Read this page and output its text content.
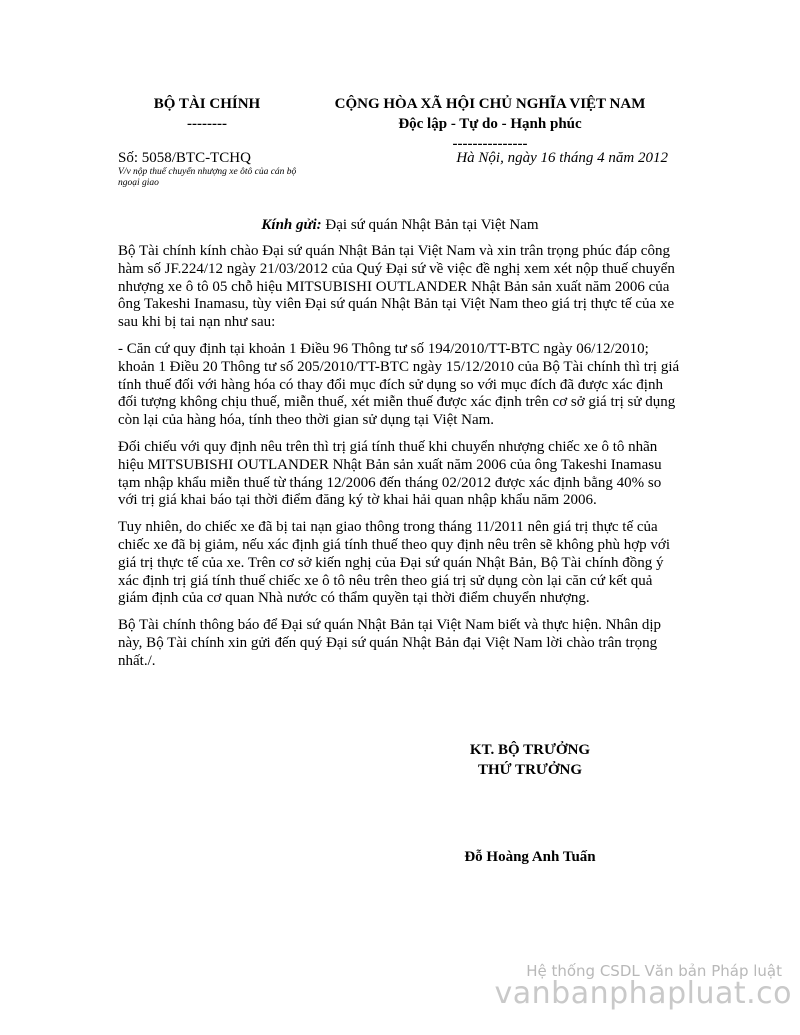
BỘ TÀI CHÍNH
--------
CỘNG HÒA XÃ HỘI CHỦ NGHĨA VIỆT NAM
Độc lập - Tự do - Hạnh phúc
---------------
Số: 5058/BTC-TCHQ	Hà Nội, ngày 16 tháng 4 năm 2012
V/v nộp thuế chuyển nhượng xe ôtô của cán bộ ngoại giao
Kính gửi: Đại sứ quán Nhật Bản tại Việt Nam

Bộ Tài chính kính chào Đại sứ quán Nhật Bản tại Việt Nam và xin trân trọng phúc đáp công hàm số JF.224/12 ngày 21/03/2012 của Quý Đại sứ về việc đề nghị xem xét nộp thuế chuyển nhượng xe ô tô 05 chỗ hiệu MITSUBISHI OUTLANDER Nhật Bản sản xuất năm 2006 của ông Takeshi Inamasu, tùy viên Đại sứ quán Nhật Bản tại Việt Nam theo giá trị thực tế của xe sau khi bị tai nạn như sau:

- Căn cứ quy định tại khoản 1 Điều 96 Thông tư số 194/2010/TT-BTC ngày 06/12/2010; khoản 1 Điều 20 Thông tư số 205/2010/TT-BTC ngày 15/12/2010 của Bộ Tài chính thì trị giá tính thuế đối với hàng hóa có thay đổi mục đích sử dụng so với mục đích đã được xác định đối tượng không chịu thuế, miễn thuế, xét miễn thuế được xác định trên cơ sở giá trị sử dụng còn lại của hàng hóa, tính theo thời gian sử dụng tại Việt Nam.

Đối chiếu với quy định nêu trên thì trị giá tính thuế khi chuyển nhượng chiếc xe ô tô nhãn hiệu MITSUBISHI OUTLANDER Nhật Bản sản xuất năm 2006 của ông Takeshi Inamasu tạm nhập khẩu miễn thuế từ tháng 12/2006 đến tháng 02/2012 được xác định bằng 40% so với trị giá khai báo tại thời điểm đăng ký tờ khai hải quan nhập khẩu năm 2006.

Tuy nhiên, do chiếc xe đã bị tai nạn giao thông trong tháng 11/2011 nên giá trị thực tế của chiếc xe đã bị giảm, nếu xác định giá tính thuế theo quy định nêu trên sẽ không phù hợp với giá trị thực tế của xe. Trên cơ sở kiến nghị của Đại sứ quán Nhật Bản, Bộ Tài chính đồng ý xác định trị giá tính thuế chiếc xe ô tô nêu trên theo giá trị sử dụng còn lại căn cứ kết quả giám định của cơ quan Nhà nước có thẩm quyền tại thời điểm chuyển nhượng.

Bộ Tài chính thông báo để Đại sứ quán Nhật Bản tại Việt Nam biết và thực hiện. Nhân dịp này, Bộ Tài chính xin gửi đến quý Đại sứ quán Nhật Bản đại Việt Nam lời chào trân trọng nhất./.

KT. BỘ TRƯỞNG
THỨ TRƯỞNG
Đỗ Hoàng Anh Tuấn
Hệ thống CSDL Văn bản Pháp luật
vanbanphapluat.co
